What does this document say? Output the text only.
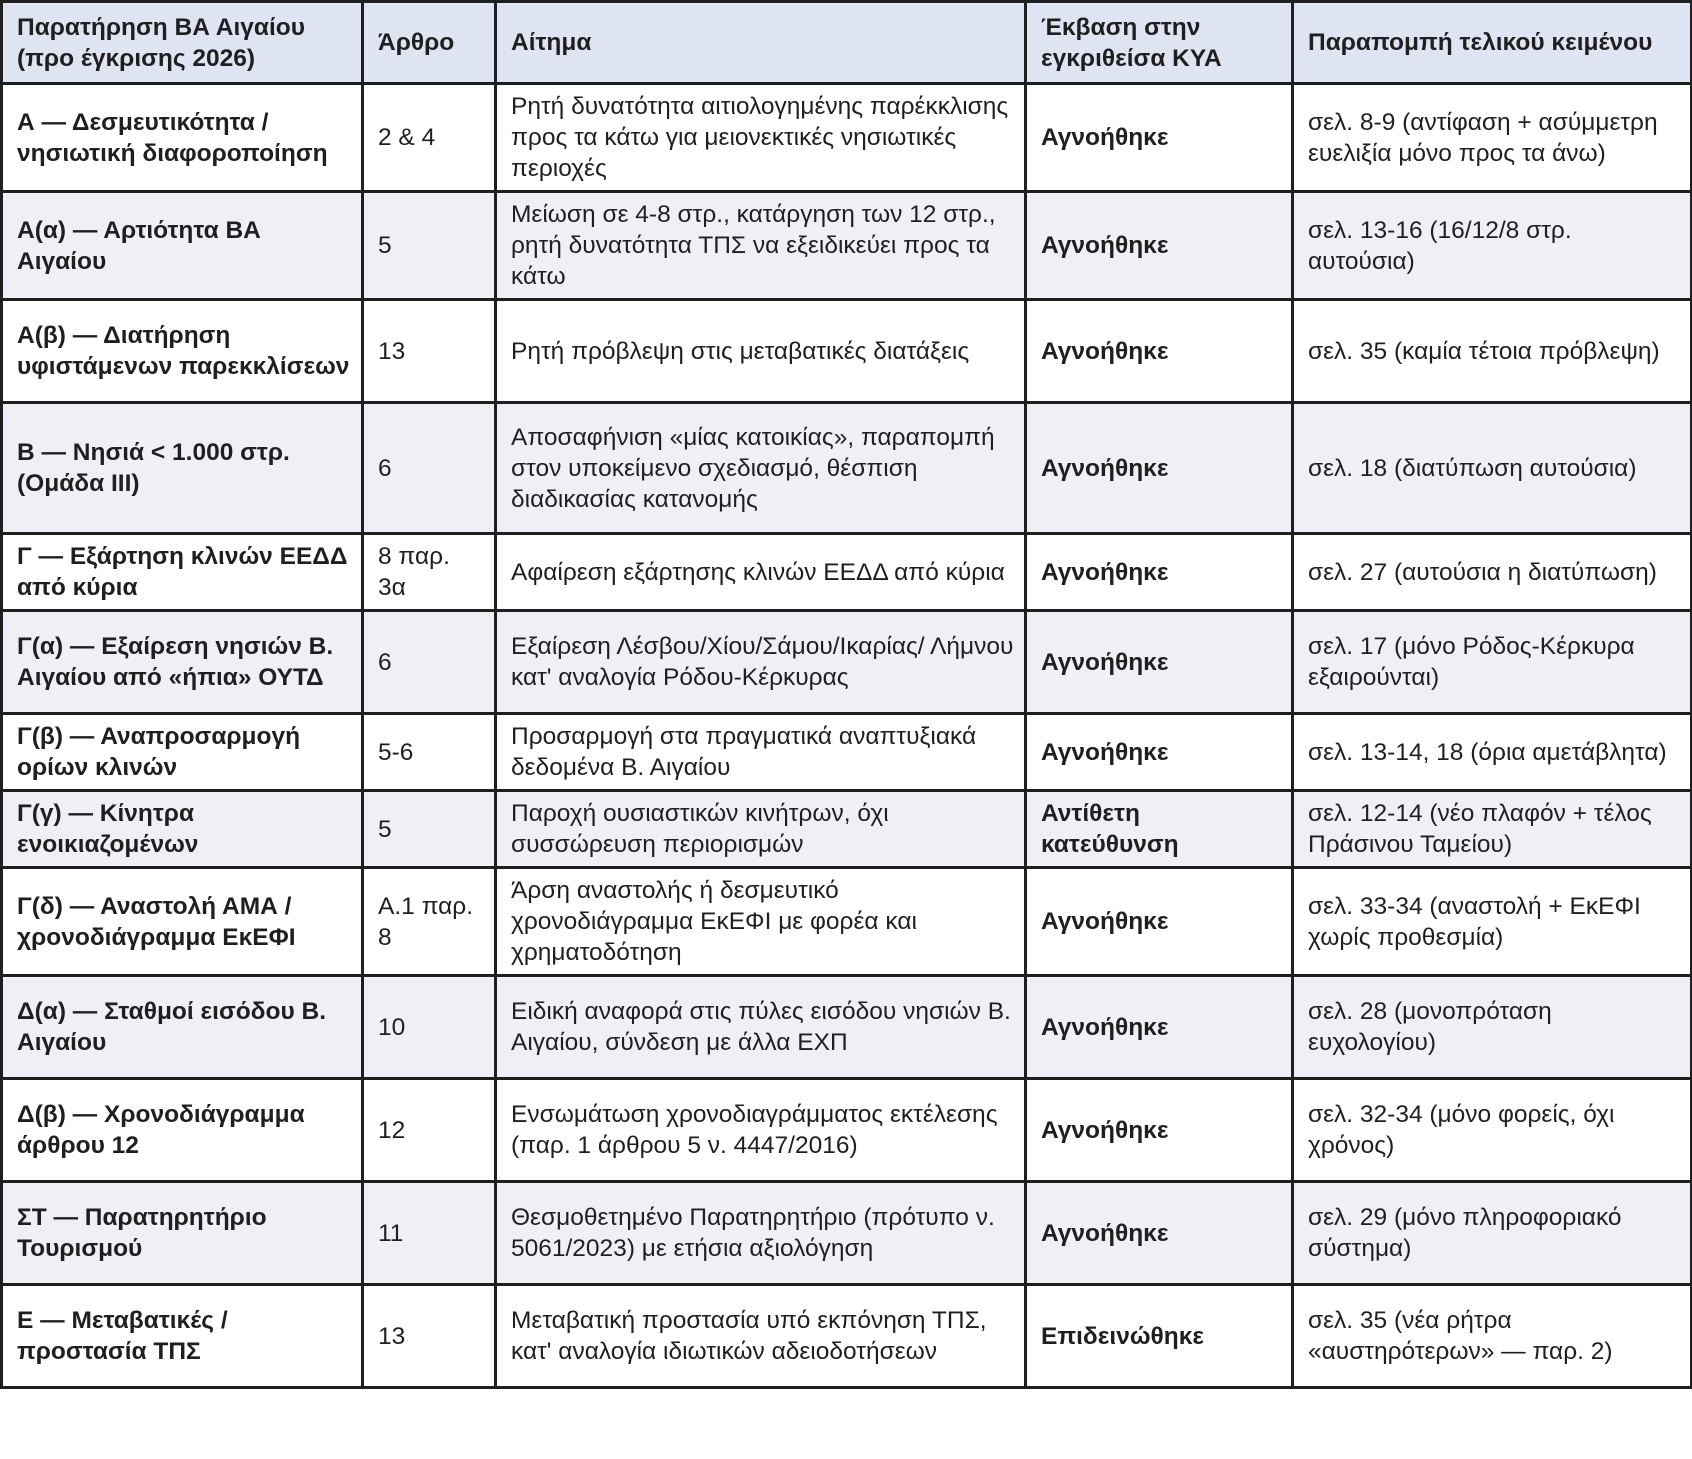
Παρατήρηση ΒΑ Αιγαίου (προ έγκρισης 2026)	Άρθρο	Αίτημα	Έκβαση στην εγκριθείσα ΚΥΑ	Παραπομπή τελικού κειμένου
Α — Δεσμευτικότητα / νησιωτική διαφοροποίηση	2 & 4	Ρητή δυνατότητα αιτιολογημένης παρέκκλισης προς τα κάτω για μειονεκτικές νησιωτικές περιοχές	Αγνοήθηκε	σελ. 8-9 (αντίφαση + ασύμμετρη ευελιξία μόνο προς τα άνω)
Α(α) — Αρτιότητα ΒΑ Αιγαίου	5	Μείωση σε 4-8 στρ., κατάργηση των 12 στρ., ρητή δυνατότητα ΤΠΣ να εξειδικεύει προς τα κάτω	Αγνοήθηκε	σελ. 13-16 (16/12/8 στρ. αυτούσια)
Α(β) — Διατήρηση υφιστάμενων παρεκκλίσεων	13	Ρητή πρόβλεψη στις μεταβατικές διατάξεις	Αγνοήθηκε	σελ. 35 (καμία τέτοια πρόβλεψη)
Β — Νησιά < 1.000 στρ. (Ομάδα ΙΙΙ)	6	Αποσαφήνιση «μίας κατοικίας», παραπομπή στον υποκείμενο σχεδιασμό, θέσπιση διαδικασίας κατανομής	Αγνοήθηκε	σελ. 18 (διατύπωση αυτούσια)
Γ — Εξάρτηση κλινών ΕΕΔΔ από κύρια	8 παρ. 3α	Αφαίρεση εξάρτησης κλινών ΕΕΔΔ από κύρια	Αγνοήθηκε	σελ. 27 (αυτούσια η διατύπωση)
Γ(α) — Εξαίρεση νησιών Β. Αιγαίου από «ήπια» ΟΥΤΔ	6	Εξαίρεση Λέσβου/Χίου/Σάμου/Ικαρίας/ Λήμνου κατ' αναλογία Ρόδου-Κέρκυρας	Αγνοήθηκε	σελ. 17 (μόνο Ρόδος-Κέρκυρα εξαιρούνται)
Γ(β) — Αναπροσαρμογή ορίων κλινών	5-6	Προσαρμογή στα πραγματικά αναπτυξιακά δεδομένα Β. Αιγαίου	Αγνοήθηκε	σελ. 13-14, 18 (όρια αμετάβλητα)
Γ(γ) — Κίνητρα ενοικιαζομένων	5	Παροχή ουσιαστικών κινήτρων, όχι συσσώρευση περιορισμών	Αντίθετη κατεύθυνση	σελ. 12-14 (νέο πλαφόν + τέλος Πράσινου Ταμείου)
Γ(δ) — Αναστολή ΑΜΑ / χρονοδιάγραμμα ΕκΕΦΙ	Α.1 παρ. 8	Άρση αναστολής ή δεσμευτικό χρονοδιάγραμμα ΕκΕΦΙ με φορέα και χρηματοδότηση	Αγνοήθηκε	σελ. 33-34 (αναστολή + ΕκΕΦΙ χωρίς προθεσμία)
Δ(α) — Σταθμοί εισόδου Β. Αιγαίου	10	Ειδική αναφορά στις πύλες εισόδου νησιών Β. Αιγαίου, σύνδεση με άλλα ΕΧΠ	Αγνοήθηκε	σελ. 28 (μονοπρόταση ευχολογίου)
Δ(β) — Χρονοδιάγραμμα άρθρου 12	12	Ενσωμάτωση χρονοδιαγράμματος εκτέλεσης (παρ. 1 άρθρου 5 ν. 4447/2016)	Αγνοήθηκε	σελ. 32-34 (μόνο φορείς, όχι χρόνος)
ΣΤ — Παρατηρητήριο Τουρισμού	11	Θεσμοθετημένο Παρατηρητήριο (πρότυπο ν. 5061/2023) με ετήσια αξιολόγηση	Αγνοήθηκε	σελ. 29 (μόνο πληροφοριακό σύστημα)
Ε — Μεταβατικές / προστασία ΤΠΣ	13	Μεταβατική προστασία υπό εκπόνηση ΤΠΣ, κατ' αναλογία ιδιωτικών αδειοδοτήσεων	Επιδεινώθηκε	σελ. 35 (νέα ρήτρα «αυστηρότερων» — παρ. 2)
